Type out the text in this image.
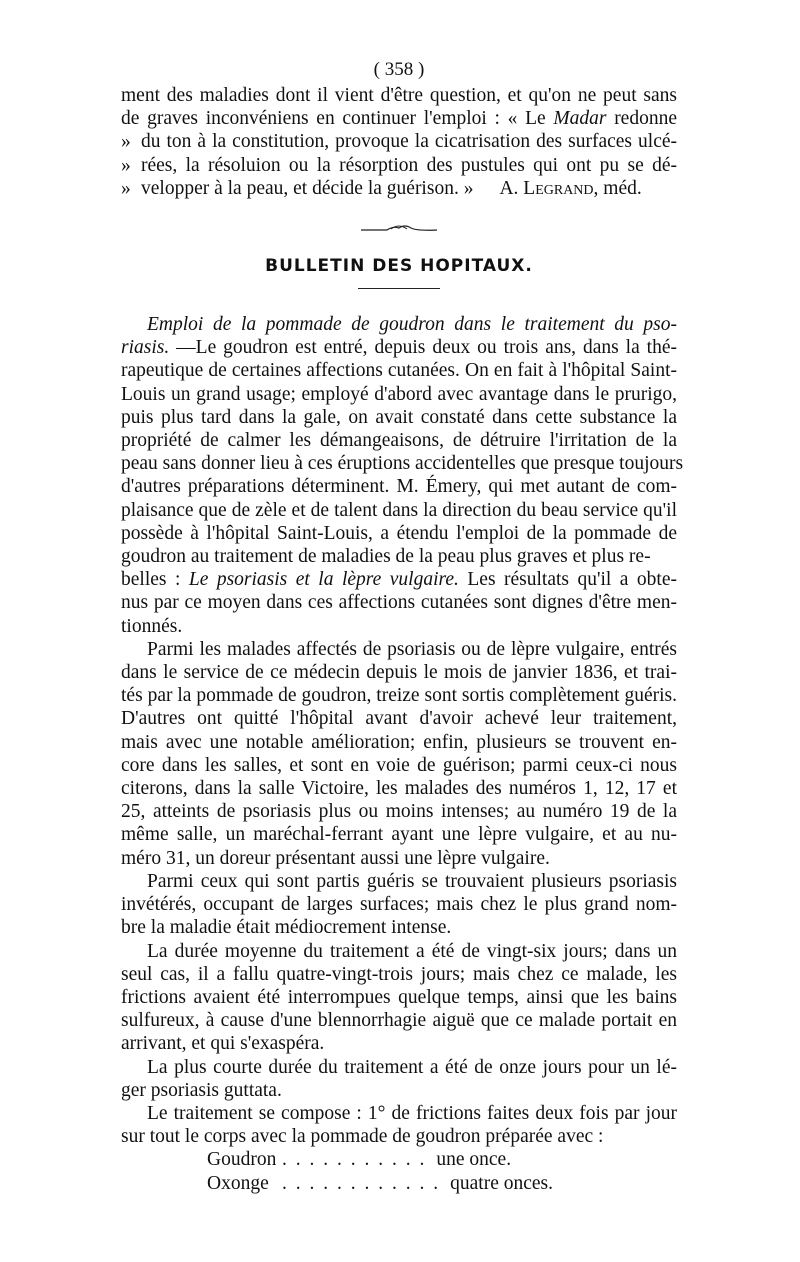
( 358 )
ment des maladies dont il vient d'être question, et qu'on ne peut sans
de graves inconvéniens en continuer l'emploi : « Le Madar redonne
» du ton à la constitution, provoque la cicatrisation des surfaces ulcé-
» rées, la résoluion ou la résorption des pustules qui ont pu se dé-
» velopper à la peau, et décide la guérison. » A. Legrand, méd.
BULLETIN DES HOPITAUX.
Emploi de la pommade de goudron dans le traitement du pso-
riasis. —Le goudron est entré, depuis deux ou trois ans, dans la thé-
rapeutique de certaines affections cutanées. On en fait à l'hôpital Saint-
Louis un grand usage; employé d'abord avec avantage dans le prurigo,
puis plus tard dans la gale, on avait constaté dans cette substance la
propriété de calmer les démangeaisons, de détruire l'irritation de la
peau sans donner lieu à ces éruptions accidentelles que presque toujours
d'autres préparations déterminent. M. Émery, qui met autant de com-
plaisance que de zèle et de talent dans la direction du beau service qu'il
possède à l'hôpital Saint-Louis, a étendu l'emploi de la pommade de
goudron au traitement de maladies de la peau plus graves et plus re-
belles : Le psoriasis et la lèpre vulgaire. Les résultats qu'il a obte-
nus par ce moyen dans ces affections cutanées sont dignes d'être men-
tionnés.
Parmi les malades affectés de psoriasis ou de lèpre vulgaire, entrés
dans le service de ce médecin depuis le mois de janvier 1836, et trai-
tés par la pommade de goudron, treize sont sortis complètement guéris.
D'autres ont quitté l'hôpital avant d'avoir achevé leur traitement,
mais avec une notable amélioration; enfin, plusieurs se trouvent en-
core dans les salles, et sont en voie de guérison; parmi ceux-ci nous
citerons, dans la salle Victoire, les malades des numéros 1, 12, 17 et
25, atteints de psoriasis plus ou moins intenses; au numéro 19 de la
même salle, un maréchal-ferrant ayant une lèpre vulgaire, et au nu-
méro 31, un doreur présentant aussi une lèpre vulgaire.
Parmi ceux qui sont partis guéris se trouvaient plusieurs psoriasis
invétérés, occupant de larges surfaces; mais chez le plus grand nom-
bre la maladie était médiocrement intense.
La durée moyenne du traitement a été de vingt-six jours; dans un
seul cas, il a fallu quatre-vingt-trois jours; mais chez ce malade, les
frictions avaient été interrompues quelque temps, ainsi que les bains
sulfureux, à cause d'une blennorrhagie aiguë que ce malade portait en
arrivant, et qui s'exaspéra.
La plus courte durée du traitement a été de onze jours pour un lé-
ger psoriasis guttata.
Le traitement se compose : 1° de frictions faites deux fois par jour
sur tout le corps avec la pommade de goudron préparée avec :
Goudron . . . . . . . . . . . une once.
Oxonge . . . . . . . . . . . . quatre onces.
